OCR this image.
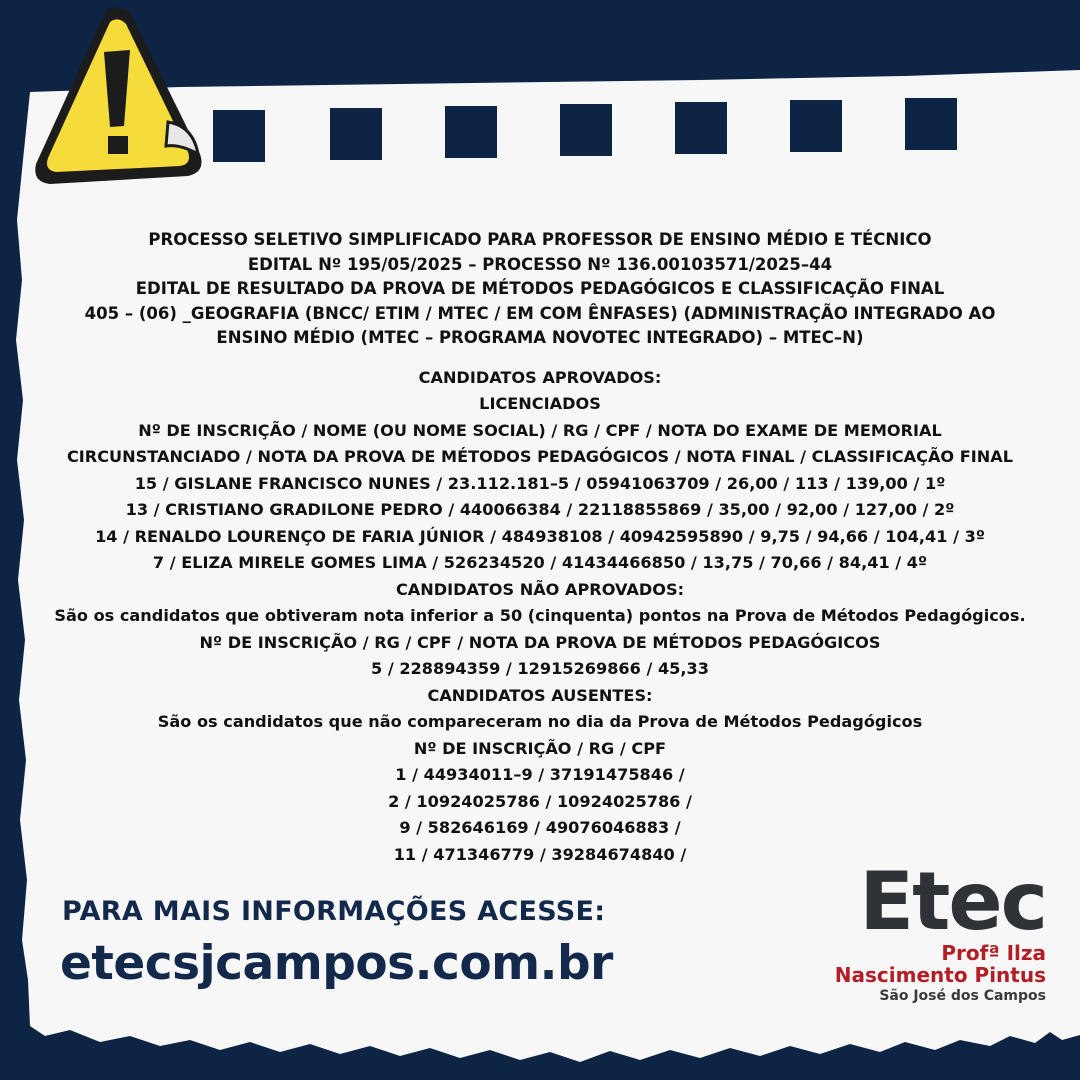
PROCESSO SELETIVO SIMPLIFICADO PARA PROFESSOR DE ENSINO MÉDIO E TÉCNICO
EDITAL Nº 195/05/2025 – PROCESSO Nº 136.00103571/2025–44
EDITAL DE RESULTADO DA PROVA DE MÉTODOS PEDAGÓGICOS E CLASSIFICAÇÃO FINAL
405 – (06) _GEOGRAFIA (BNCC/ ETIM / MTEC / EM COM ÊNFASES) (ADMINISTRAÇÃO INTEGRADO AO
ENSINO MÉDIO (MTEC – PROGRAMA NOVOTEC INTEGRADO) – MTEC–N)
CANDIDATOS APROVADOS:
LICENCIADOS
Nº DE INSCRIÇÃO / NOME (OU NOME SOCIAL) / RG / CPF / NOTA DO EXAME DE MEMORIAL
CIRCUNSTANCIADO / NOTA DA PROVA DE MÉTODOS PEDAGÓGICOS / NOTA FINAL / CLASSIFICAÇÃO FINAL
15 / GISLANE FRANCISCO NUNES / 23.112.181–5 / 05941063709 / 26,00 / 113 / 139,00 / 1º
13 / CRISTIANO GRADILONE PEDRO / 440066384 / 22118855869 / 35,00 / 92,00 / 127,00 / 2º
14 / RENALDO LOURENÇO DE FARIA JÚNIOR / 484938108 / 40942595890 / 9,75 / 94,66 / 104,41 / 3º
7 / ELIZA MIRELE GOMES LIMA / 526234520 / 41434466850 / 13,75 / 70,66 / 84,41 / 4º
CANDIDATOS NÃO APROVADOS:
São os candidatos que obtiveram nota inferior a 50 (cinquenta) pontos na Prova de Métodos Pedagógicos.
Nº DE INSCRIÇÃO / RG / CPF / NOTA DA PROVA DE MÉTODOS PEDAGÓGICOS
5 / 228894359 / 12915269866 / 45,33
CANDIDATOS AUSENTES:
São os candidatos que não compareceram no dia da Prova de Métodos Pedagógicos
Nº DE INSCRIÇÃO / RG / CPF
1 / 44934011–9 / 37191475846 /
2 / 10924025786 / 10924025786 /
9 / 582646169 / 49076046883 /
11 / 471346779 / 39284674840 /
PARA MAIS INFORMAÇÕES ACESSE:
etecsjcampos.com.br
Etec
Profª Ilza
Nascimento Pintus
São José dos Campos
